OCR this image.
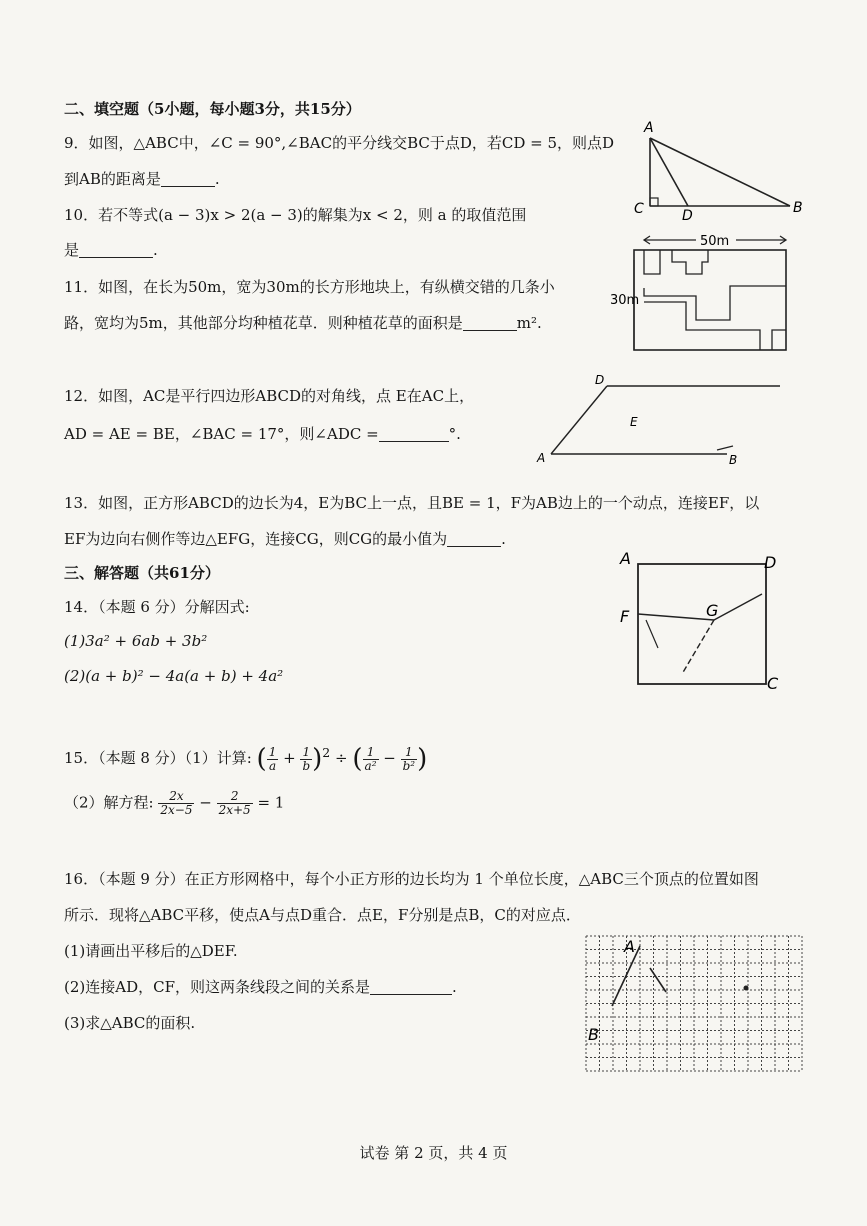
二、填空题（5小题，每小题3分，共15分）
9．如图，△ABC中，∠C = 90°,∠BAC的平分线交BC于点D，若CD = 5，则点D
到AB的距离是	.
A
C	D	B
10．若不等式(a − 3)x > 2(a − 3)的解集为x < 2，则 a 的取值范围
是	.
11．如图，在长为50m，宽为30m的长方形地块上，有纵横交错的几条小
路，宽均为5m，其他部分均种植花草．则种植花草的面积是	m².
50m
30m
12．如图，AC是平行四边形ABCD的对角线，点 E在AC上，
AD = AE = BE，∠BAC = 17°，则∠ADC =	°.
D
E
A	B
13．如图，正方形ABCD的边长为4，E为BC上一点，且BE = 1，F为AB边上的一个动点，连接EF，以
EF为边向右侧作等边△EFG，连接CG，则CG的最小值为	.
A	D
F	G
C
三、解答题（共61分）
14．（本题 6 分）分解因式:
(1)3a² + 6ab + 3b²
(2)(a + b)² − 4a(a + b) + 4a²
15．（本题 8 分）（1）计算: ( $\frac{1}{a} + \frac{1}{b} )^2$ ÷ ( $\frac{1}{\text{a²}} - \frac{1}{\text{b²}}$ )
（2）解方程: $\frac{2x}{2x-5} - \frac{2}{2x+5} = 1$
16．（本题 9 分）在正方形网格中，每个小正方形的边长均为 1 个单位长度，△ABC三个顶点的位置如图
所示．现将△ABC平移，使点A与点D重合．点E，F分别是点B，C的对应点．
(1)请画出平移后的△DEF.
(2)连接AD，CF，则这两条线段之间的关系是	.
(3)求△ABC的面积.
A
B
试卷 第 2 页，共 4 页
